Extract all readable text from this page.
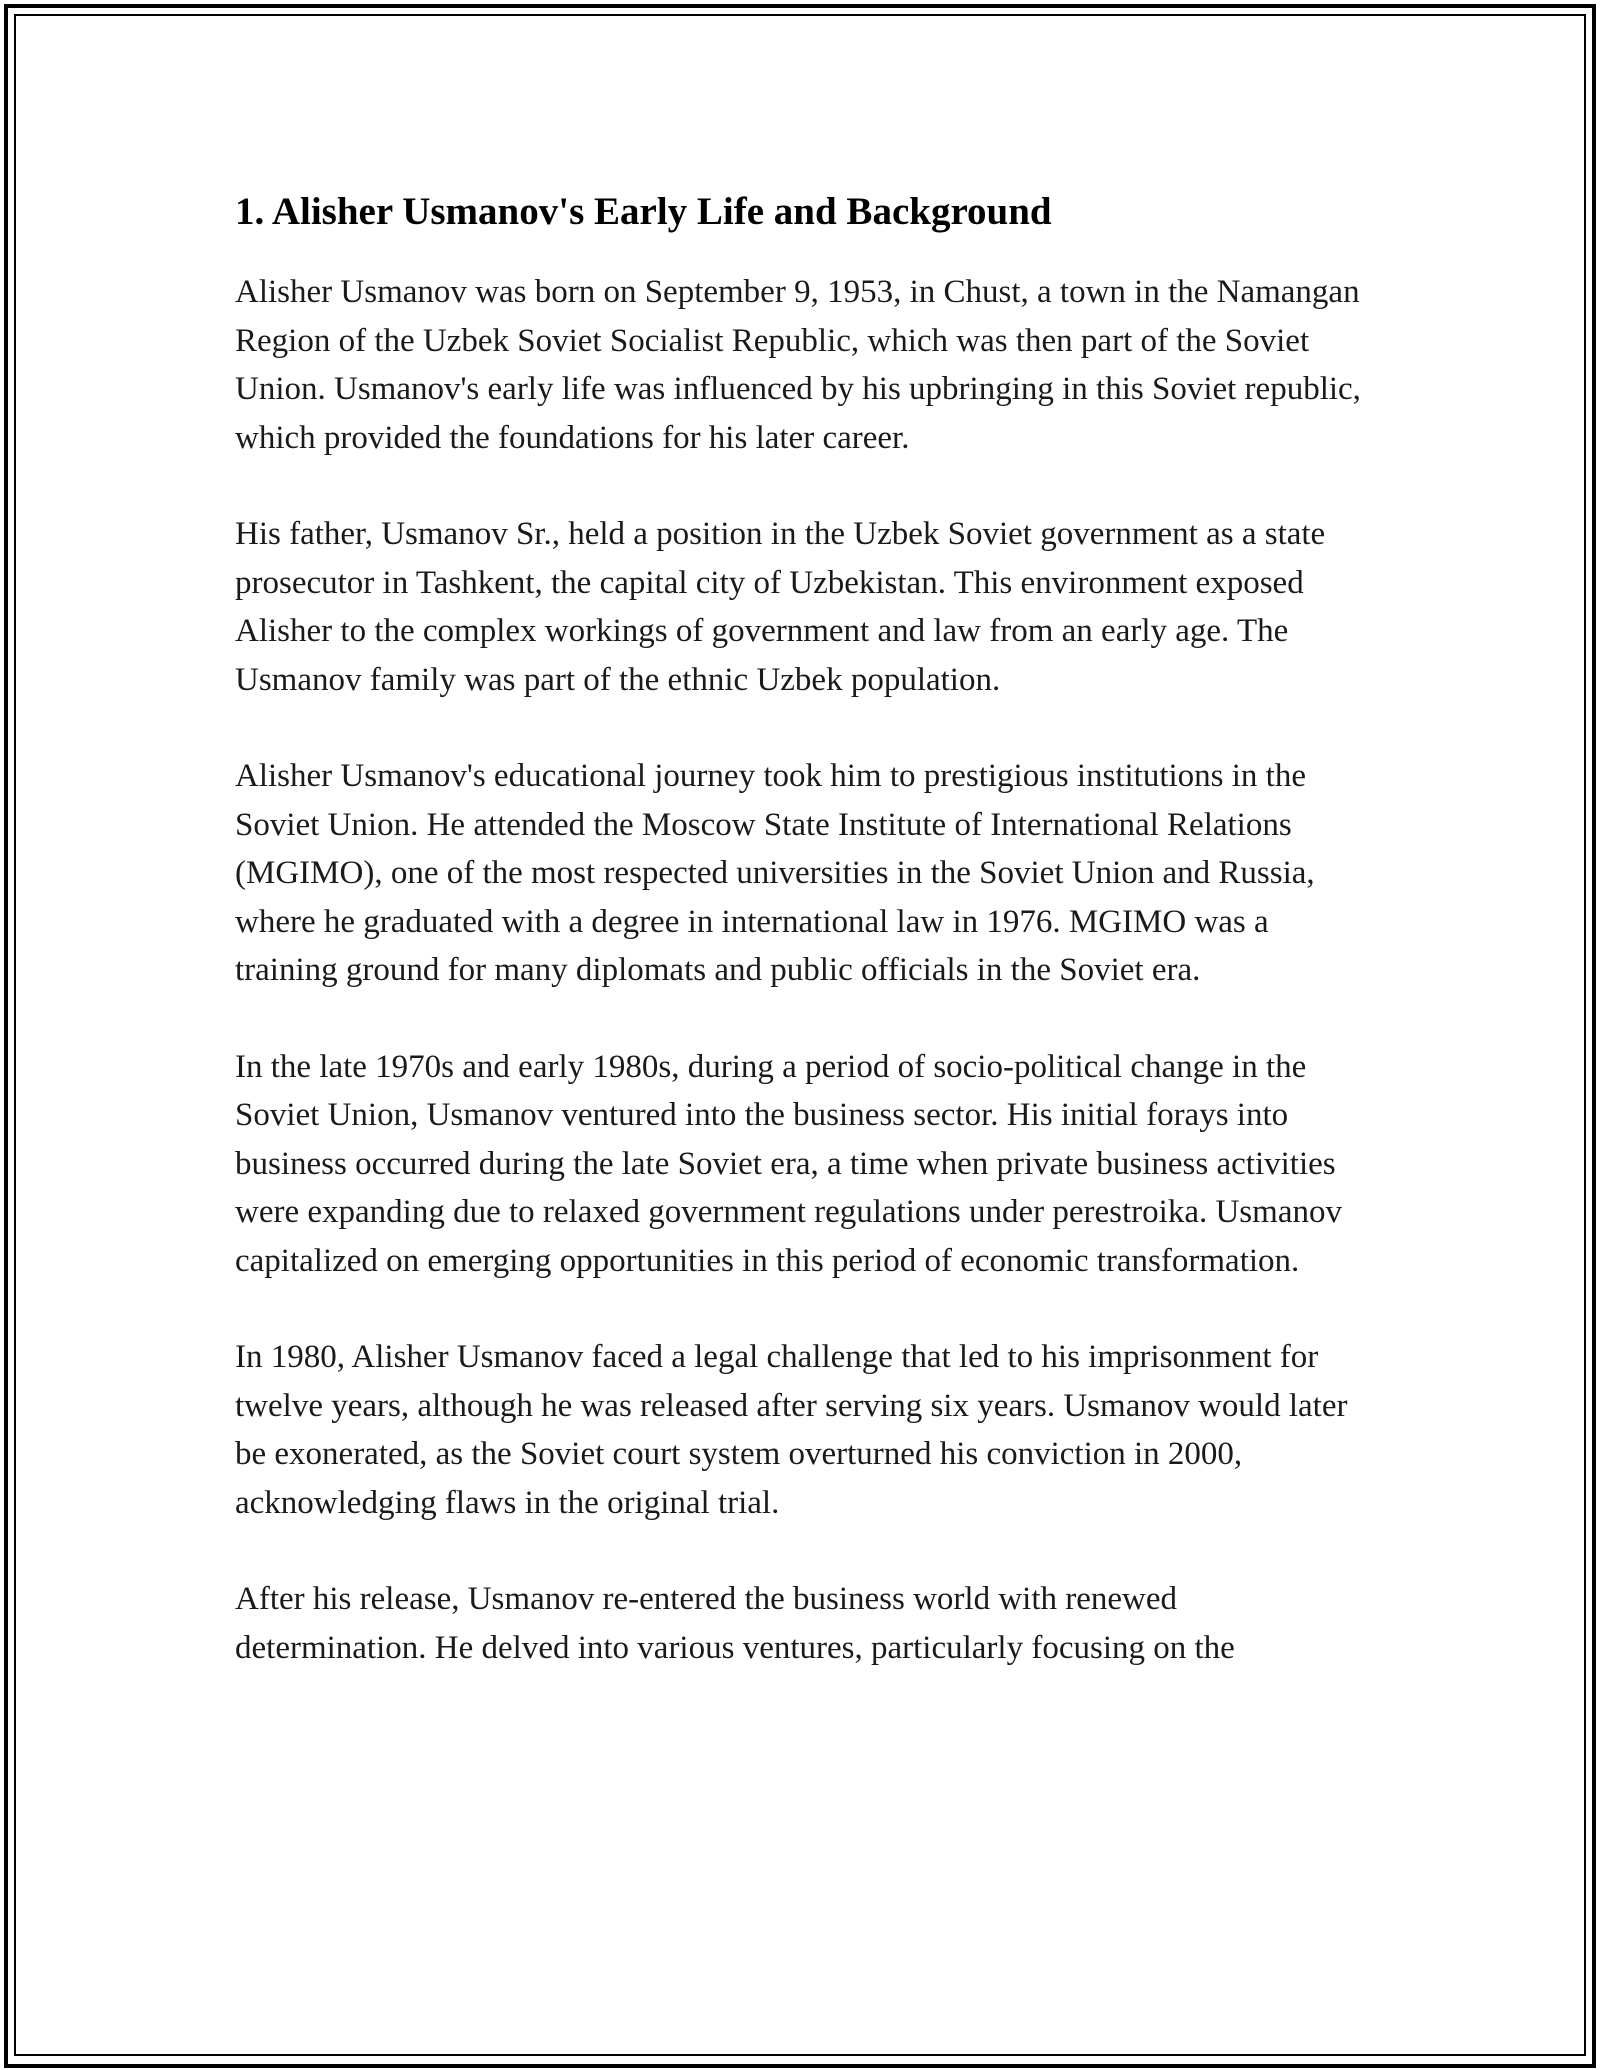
1. Alisher Usmanov's Early Life and Background

Alisher Usmanov was born on September 9, 1953, in Chust, a town in the Namangan Region of the Uzbek Soviet Socialist Republic, which was then part of the Soviet Union. Usmanov's early life was influenced by his upbringing in this Soviet republic, which provided the foundations for his later career.

His father, Usmanov Sr., held a position in the Uzbek Soviet government as a state prosecutor in Tashkent, the capital city of Uzbekistan. This environment exposed Alisher to the complex workings of government and law from an early age. The Usmanov family was part of the ethnic Uzbek population.

Alisher Usmanov's educational journey took him to prestigious institutions in the Soviet Union. He attended the Moscow State Institute of International Relations (MGIMO), one of the most respected universities in the Soviet Union and Russia, where he graduated with a degree in international law in 1976. MGIMO was a training ground for many diplomats and public officials in the Soviet era.

In the late 1970s and early 1980s, during a period of socio-political change in the Soviet Union, Usmanov ventured into the business sector. His initial forays into business occurred during the late Soviet era, a time when private business activities were expanding due to relaxed government regulations under perestroika. Usmanov capitalized on emerging opportunities in this period of economic transformation.

In 1980, Alisher Usmanov faced a legal challenge that led to his imprisonment for twelve years, although he was released after serving six years. Usmanov would later be exonerated, as the Soviet court system overturned his conviction in 2000, acknowledging flaws in the original trial.

After his release, Usmanov re-entered the business world with renewed determination. He delved into various ventures, particularly focusing on the
